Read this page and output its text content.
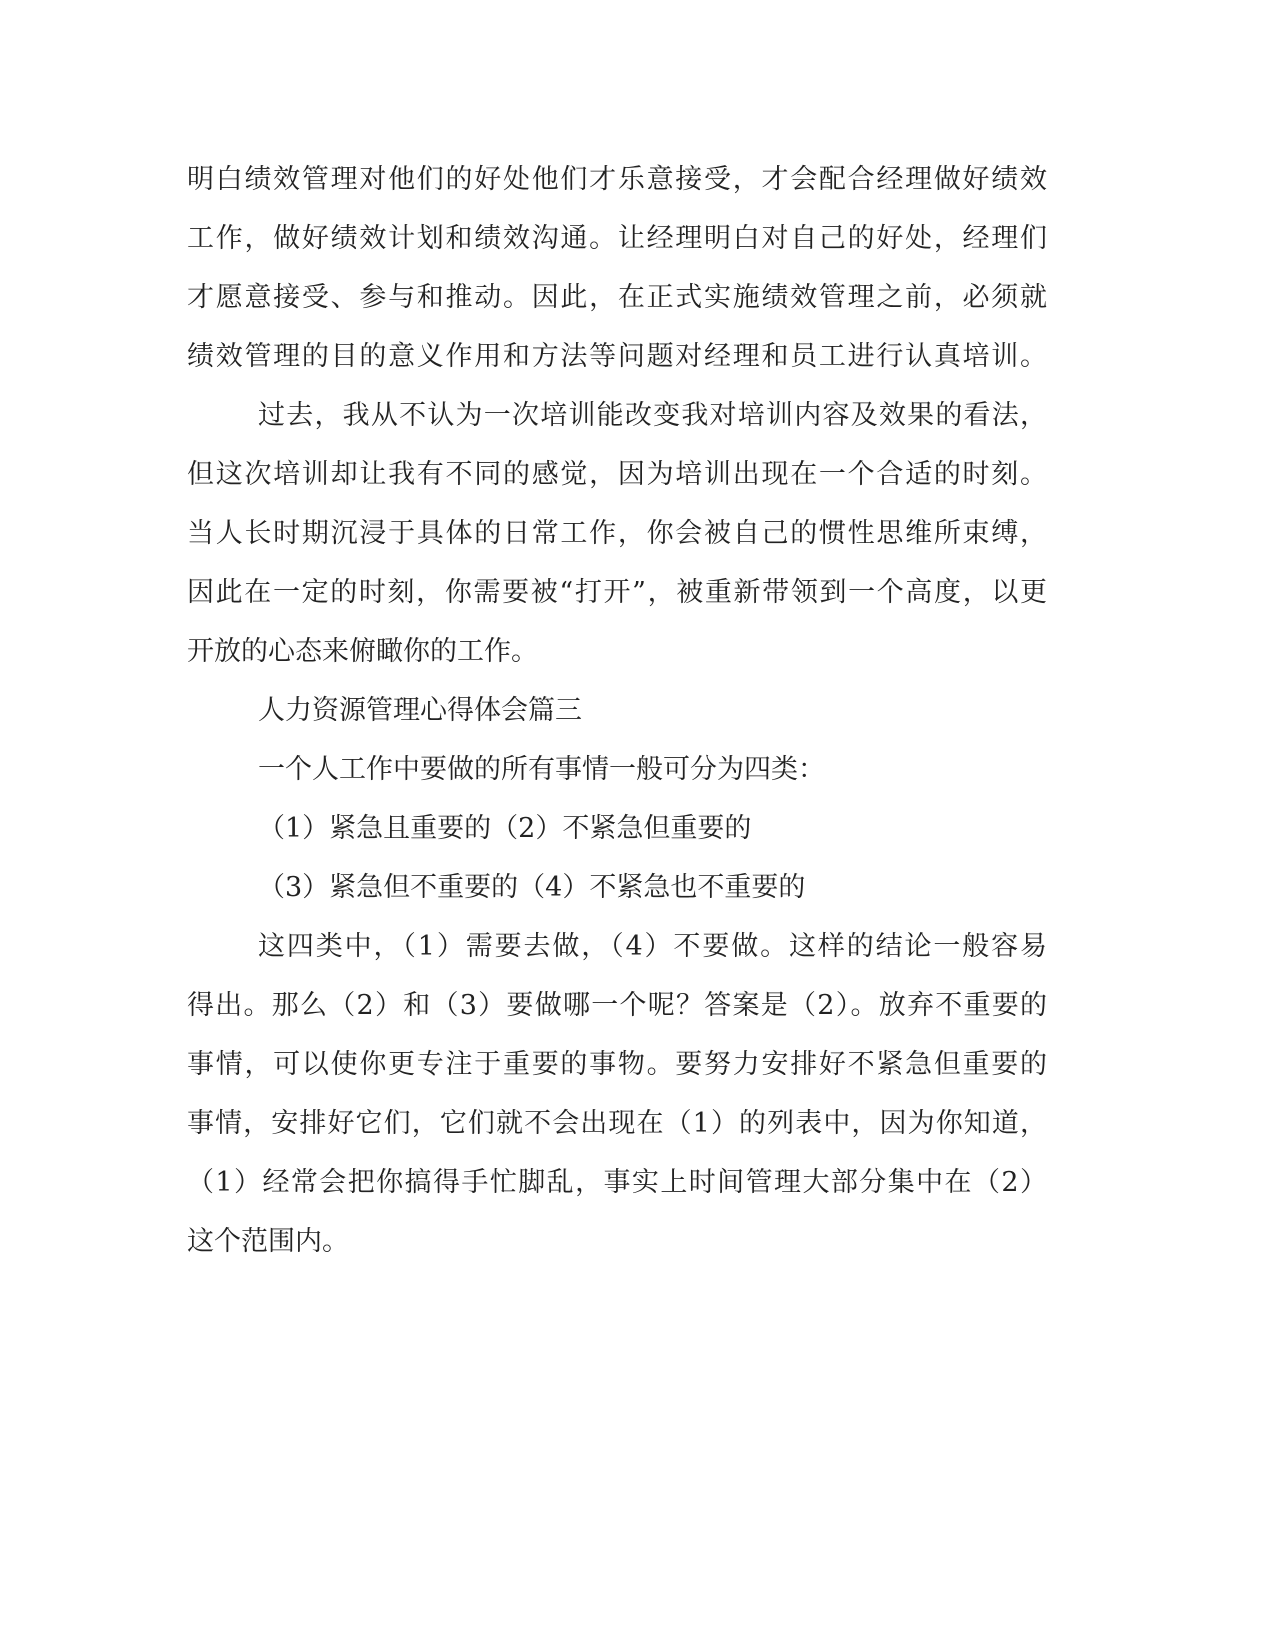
明白绩效管理对他们的好处他们才乐意接受，才会配合经理做好绩效
工作，做好绩效计划和绩效沟通。让经理明白对自己的好处，经理们
才愿意接受、参与和推动。因此，在正式实施绩效管理之前，必须就
绩效管理的目的意义作用和方法等问题对经理和员工进行认真培训。
过去，我从不认为一次培训能改变我对培训内容及效果的看法，
但这次培训却让我有不同的感觉，因为培训出现在一个合适的时刻。
当人长时期沉浸于具体的日常工作，你会被自己的惯性思维所束缚，
因此在一定的时刻，你需要被“打开”，被重新带领到一个高度，以更
开放的心态来俯瞰你的工作。
人力资源管理心得体会篇三
一个人工作中要做的所有事情一般可分为四类：
（1）紧急且重要的（2）不紧急但重要的
（3）紧急但不重要的（4）不紧急也不重要的
这四类中，（1）需要去做，（4）不要做。这样的结论一般容易
得出。那么（2）和（3）要做哪一个呢？答案是（2）。放弃不重要的
事情，可以使你更专注于重要的事物。要努力安排好不紧急但重要的
事情，安排好它们，它们就不会出现在（1）的列表中，因为你知道，
（1）经常会把你搞得手忙脚乱，事实上时间管理大部分集中在（2）
这个范围内。
